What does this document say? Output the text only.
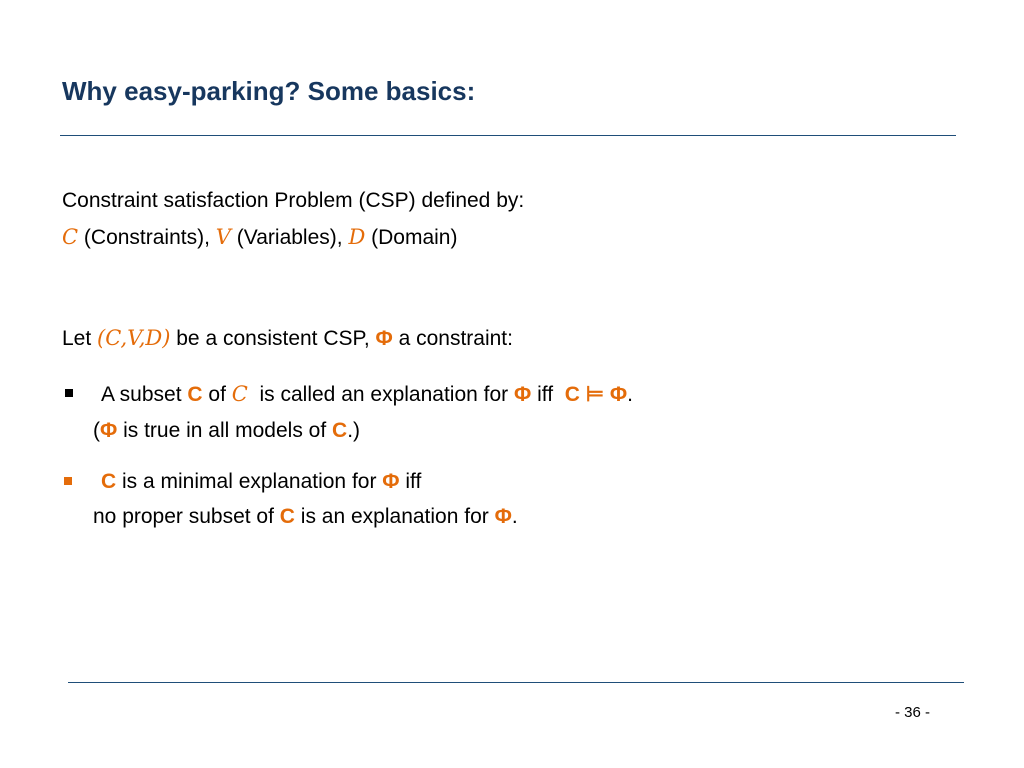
Why easy-parking? Some basics:
Constraint satisfaction Problem (CSP) defined by:
C (Constraints), V (Variables), D (Domain)
Let (C,V,D) be a consistent CSP, Φ a constraint:
A subset C of C  is called an explanation for Φ iff  C ⊨ Φ.
(Φ is true in all models of C.)
C is a minimal explanation for Φ iff
no proper subset of C is an explanation for Φ.
- 36 -
